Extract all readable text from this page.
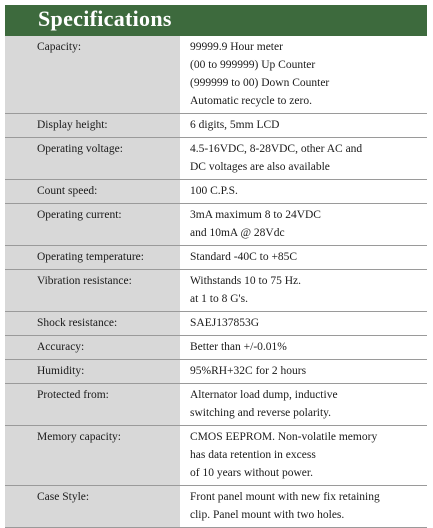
Specifications
Capacity:	99999.9 Hour meter
(00 to 999999) Up Counter
(999999 to 00) Down Counter
Automatic recycle to zero.

Display height:	6 digits, 5mm LCD

Operating voltage:	4.5-16VDC, 8-28VDC, other AC and
DC voltages are also available

Count speed:	100 C.P.S.

Operating current:	3mA maximum 8 to 24VDC
and 10mA @ 28Vdc

Operating temperature:	Standard -40C to +85C

Vibration resistance:	Withstands 10 to 75 Hz.
at 1 to 8 G's.

Shock resistance:	SAEJ137853G

Accuracy:	Better than +/-0.01%

Humidity:	95%RH+32C for 2 hours

Protected from:	Alternator load dump, inductive
switching and reverse polarity.

Memory capacity:	CMOS EEPROM. Non-volatile memory
has data retention in excess
of 10 years without power.

Case Style:	Front panel mount with new fix retaining
clip. Panel mount with two holes.
